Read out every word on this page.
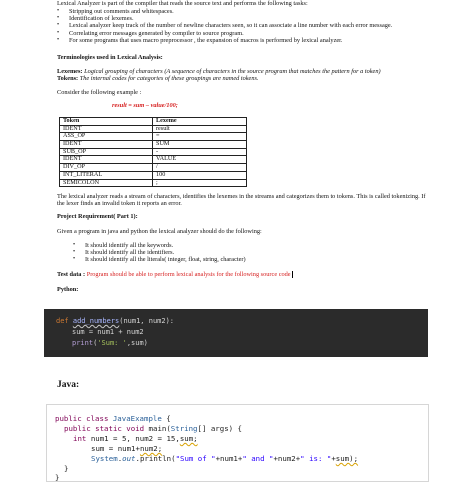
Lexical Analyzer is part of the compiler that reads the source text and performs the following tasks:
• Stripping out comments and whitespaces.
• Identification of lexemes.
• Lexical analyzer keep track of the number of newline characters seen, so it can associate a line number with each error message.
• Correlating error messages generated by compiler to source program.
• For some programs that uses macro preprocessor , the expansion of macros is performed by lexical analyzer.
Terminologies used in Lexical Analysis:
Lexemes: Logical grouping of characters (A sequence of characters in the source program that matches the pattern for a token)
Tokens: The internal codes for categories of these groupings are named tokens.
Consider the following example :
result = sum – value/100;
Token	Lexeme
IDENT	result
ASS_OP	=
IDENT	SUM
SUB_OP	-
IDENT	VALUE
DIV_OP	/
INT_LITERAL	100
SEMICOLON	;
The lexical analyzer reads a stream of characters, identifies the lexemes in the streams and categorizes them to tokens. This is called tokenizing. If
the lexer finds an invalid token it reports an error.
Project Requirement( Part 1):
Given a program in java and python the lexical analyzer should do the following:
• It should identify all the keywords.
• It should identify all the identifiers.
• It should identify all the literals( integer, float, string, character)
Test data : Program should be able to perform lexical analysis for the following source code
Python:
def add_numbers(num1, num2):
sum = num1 + num2
print('Sum: ',sum)
Java:
public class JavaExample {
public static void main(String[] args) {
int num1 = 5, num2 = 15,sum;
sum = num1+num2;
System.out.println("Sum of "+num1+" and "+num2+" is: "+sum);
}
}
